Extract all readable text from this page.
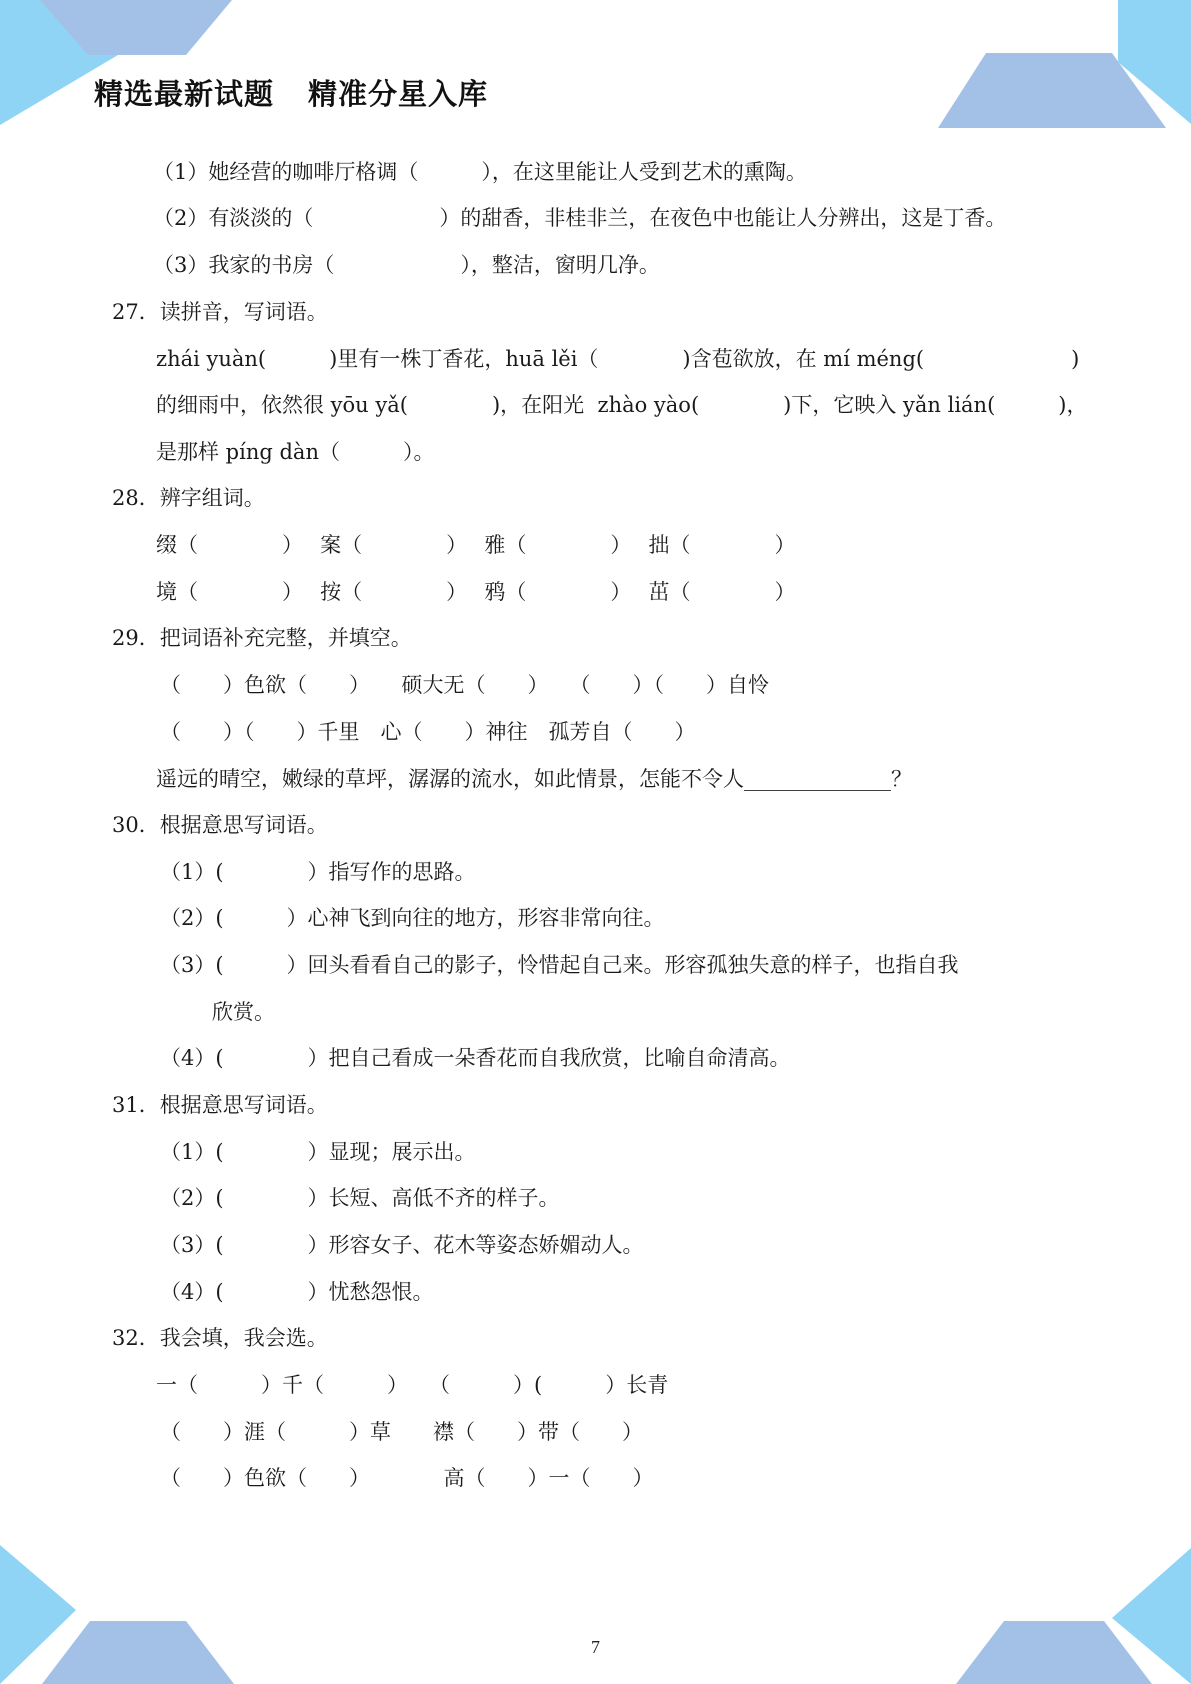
精选最新试题 精准分星入库
（1）她经营的咖啡厅格调（　　　），在这里能让人受到艺术的熏陶。
（2）有淡淡的（　　　　　　）的甜香，非桂非兰，在夜色中也能让人分辨出，这是丁香。
（3）我家的书房（　　　　　　），整洁，窗明几净。
27．读拼音，写词语。
zhái yuàn(　　　)里有一株丁香花，huā lěi（　　　　)含苞欲放，在 mí méng(　　　　　　　)
的细雨中，依然很 yōu yǎ(　　　　)，在阳光  zhào yào(　　　　)下，它映入 yǎn lián(　　　)，
是那样 píng dàn（　　　）。
28．辨字组词。
缀（　　　　）　 案（　　　　）　 雅（　　　　）　 拙（　　　　）
境（　　　　）　 按（　　　　）　 鸦（　　　　）　 茁（　　　　）
29．把词语补充完整，并填空。
（　　）色欲（　　）　　硕大无（　　）　　（　　）（　　）自怜
（　　）（　　）千里　心（　　）神往　孤芳自（　　）
遥远的晴空，嫩绿的草坪，潺潺的流水，如此情景，怎能不令人______________？
30．根据意思写词语。
（1）(　　　　）指写作的思路。
（2）(　　　）心神飞到向往的地方，形容非常向往。
（3）(　　　）回头看看自己的影子，怜惜起自己来。形容孤独失意的样子，也指自我
欣赏。
（4）(　　　　）把自己看成一朵香花而自我欣赏，比喻自命清高。
31．根据意思写词语。
（1）(　　　　）显现；展示出。
（2）(　　　　）长短、高低不齐的样子。
（3）(　　　　）形容女子、花木等姿态娇媚动人。
（4）(　　　　）忧愁怨恨。
32．我会填，我会选。
一（　　　）千（　　　）　　（　　　）(　　　）长青
（　　）涯（　　　）草　　襟（　　）带（　　）
（　　）色欲（　　）　　　　高（　　）一（　　）
7
